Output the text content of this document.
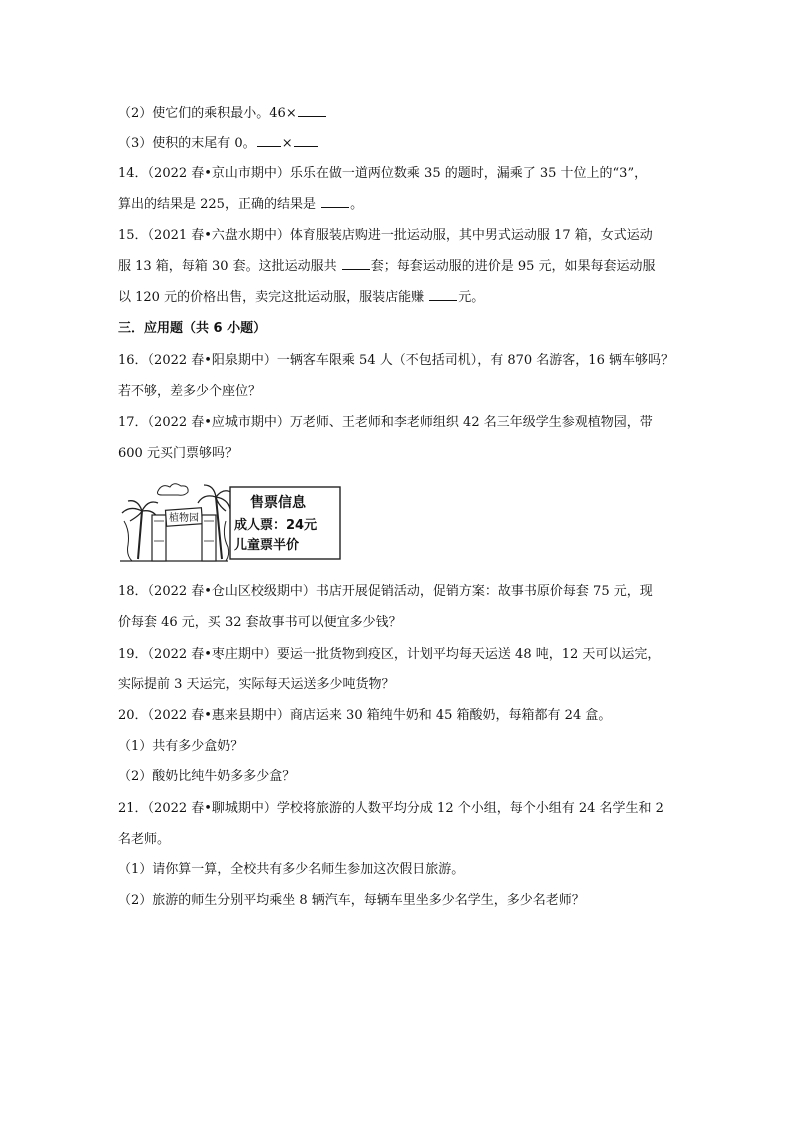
（2）使它们的乘积最小。46×
（3）使积的末尾有 0。 ×
14．（2022 春•京山市期中）乐乐在做一道两位数乘 35 的题时，漏乘了 35 十位上的“3”，
算出的结果是 225，正确的结果是 。
15．（2021 春•六盘水期中）体育服装店购进一批运动服，其中男式运动服 17 箱，女式运动
服 13 箱，每箱 30 套。这批运动服共 套；每套运动服的进价是 95 元，如果每套运动服
以 120 元的价格出售，卖完这批运动服，服装店能赚 元。
三．应用题（共 6 小题）
16．（2022 春•阳泉期中）一辆客车限乘 54 人（不包括司机），有 870 名游客，16 辆车够吗？
若不够，差多少个座位？
17．（2022 春•应城市期中）万老师、王老师和李老师组织 42 名三年级学生参观植物园，带
600 元买门票够吗？
植物园
售票信息
成人票：24元
儿童票半价
18．（2022 春•仓山区校级期中）书店开展促销活动，促销方案：故事书原价每套 75 元，现
价每套 46 元，买 32 套故事书可以便宜多少钱？
19．（2022 春•枣庄期中）要运一批货物到疫区，计划平均每天运送 48 吨，12 天可以运完，
实际提前 3 天运完，实际每天运送多少吨货物？
20．（2022 春•惠来县期中）商店运来 30 箱纯牛奶和 45 箱酸奶，每箱都有 24 盒。
（1）共有多少盒奶？
（2）酸奶比纯牛奶多多少盒？
21．（2022 春•聊城期中）学校将旅游的人数平均分成 12 个小组，每个小组有 24 名学生和 2
名老师。
（1）请你算一算，全校共有多少名师生参加这次假日旅游。
（2）旅游的师生分别平均乘坐 8 辆汽车，每辆车里坐多少名学生，多少名老师？
